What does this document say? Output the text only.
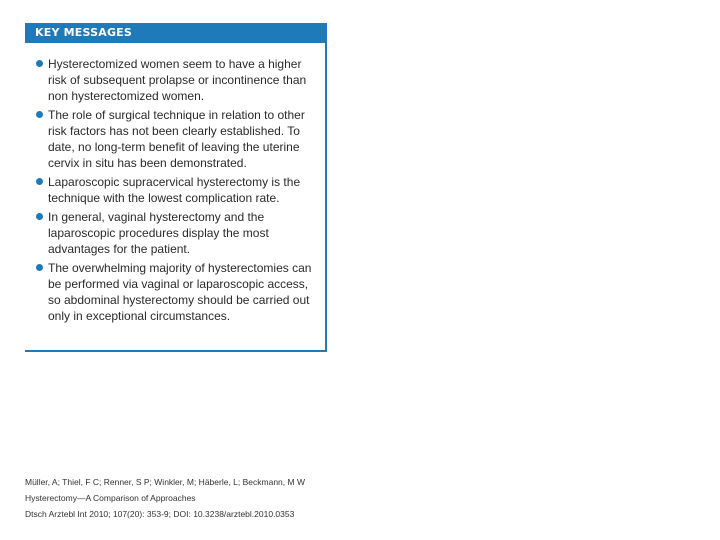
KEY MESSAGES
Hysterectomized women seem to have a higher risk of subsequent prolapse or incontinence than non hysterectomized women.
The role of surgical technique in relation to other risk factors has not been clearly established. To date, no long-term benefit of leaving the uterine cervix in situ has been demonstrated.
Laparoscopic supracervical hysterectomy is the technique with the lowest complication rate.
In general, vaginal hysterectomy and the laparoscopic procedures display the most advantages for the patient.
The overwhelming majority of hysterectomies can be performed via vaginal or laparoscopic access, so abdominal hysterectomy should be carried out only in exceptional circumstances.
Müller, A; Thiel, F C; Renner, S P; Winkler, M; Häberle, L; Beckmann, M W
Hysterectomy—A Comparison of Approaches
Dtsch Arztebl Int 2010; 107(20): 353-9; DOI: 10.3238/arztebl.2010.0353
